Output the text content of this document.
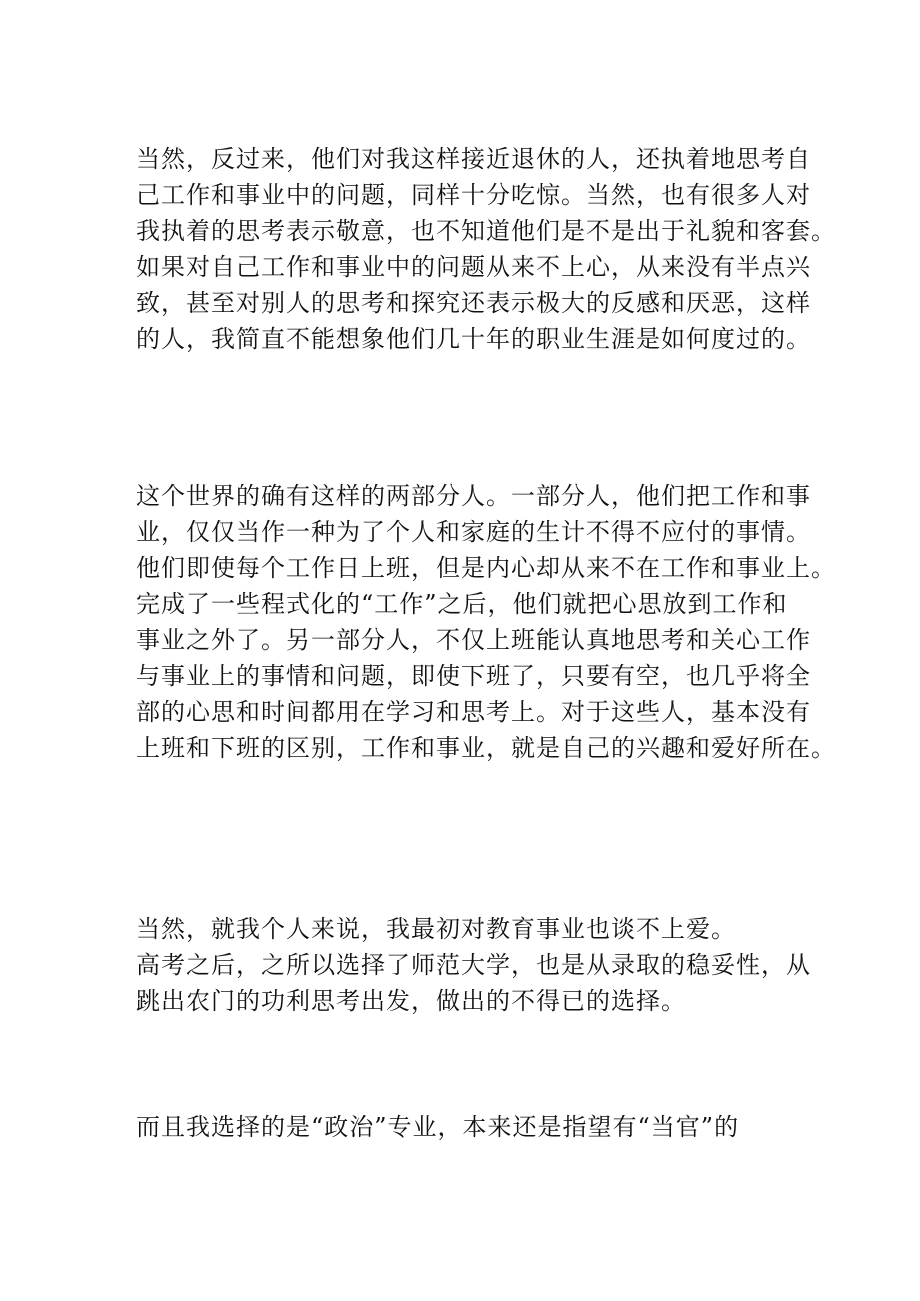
当然，反过来，他们对我这样接近退休的人，还执着地思考自
己工作和事业中的问题，同样十分吃惊。当然，也有很多人对
我执着的思考表示敬意，也不知道他们是不是出于礼貌和客套。
如果对自己工作和事业中的问题从来不上心，从来没有半点兴
致，甚至对别人的思考和探究还表示极大的反感和厌恶，这样
的人，我简直不能想象他们几十年的职业生涯是如何度过的。
这个世界的确有这样的两部分人。一部分人，他们把工作和事
业，仅仅当作一种为了个人和家庭的生计不得不应付的事情。
他们即使每个工作日上班，但是内心却从来不在工作和事业上。
完成了一些程式化的“工作”之后，他们就把心思放到工作和
事业之外了。另一部分人，不仅上班能认真地思考和关心工作
与事业上的事情和问题，即使下班了，只要有空，也几乎将全
部的心思和时间都用在学习和思考上。对于这些人，基本没有
上班和下班的区别，工作和事业，就是自己的兴趣和爱好所在。
当然，就我个人来说，我最初对教育事业也谈不上爱。
高考之后，之所以选择了师范大学，也是从录取的稳妥性，从
跳出农门的功利思考出发，做出的不得已的选择。
而且我选择的是“政治”专业，本来还是指望有“当官”的
